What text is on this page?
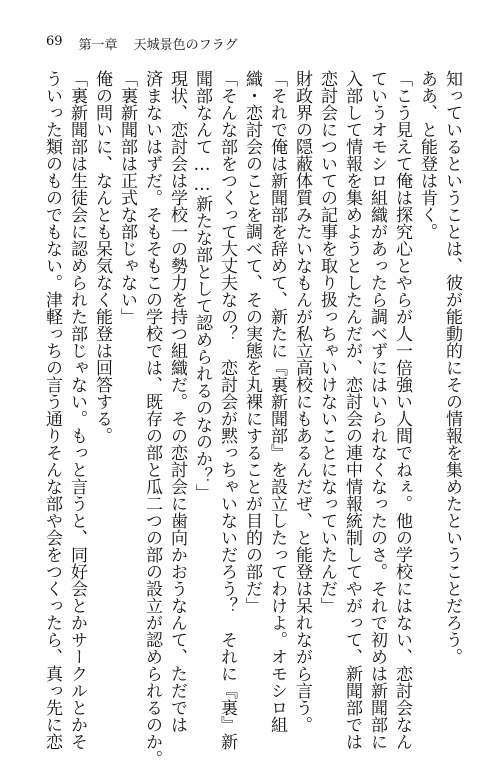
69 第一章 天城景色のフラグ
知っているということは、彼が能動的にその情報を集めたということだろう。
ああ、と能登は肯く。
「こう見えて俺は探究心とやらが人一倍強い人間でねぇ。他の学校にはない、恋討会なん
ていうオモシロ組織があったら調べずにはいられなくなったのさ。それで初めは新聞部に
入部して情報を集めようとしたんだが、恋討会の連中情報統制してやがって、新聞部では
恋討会についての記事を取り扱っちゃいけないことになっていたんだ」
財政界の隠蔽体質みたいなもんが私立高校にもあるんだぜ、と能登は呆れながら言う。
「それで俺は新聞部を辞めて、新たに『裏新聞部』を設立したってわけよ。オモシロ組
織・恋討会のことを調べて、その実態を丸裸にすることが目的の部だ」
「そんな部をつくって大丈夫なの？　恋討会が黙っちゃいないだろう？　それに『裏』新
聞部なんて……新たな部として認められるのなのか？」
現状、恋討会は学校一の勢力を持つ組織だ。その恋討会に歯向かおうなんて、ただでは
済まないはずだ。そもそもこの学校では、既存の部と瓜二つの部の設立が認められるのか。
「裏新聞部は正式な部じゃない」
俺の問いに、なんとも呆気なく能登は回答する。
「裏新聞部は生徒会に認められた部じゃない。もっと言うと、同好会とかサークルとかそ
ういった類のものでもない。津軽っちの言う通りそんな部や会をつくったら、真っ先に恋
